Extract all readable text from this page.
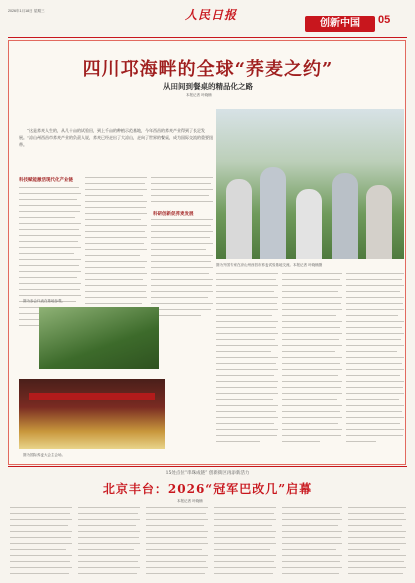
2026年1月18日 星期三	人民日报
创新中国	05
四川邛海畔的全球“荞麦之约”
从田间到餐桌的精品化之路
本报记者 叶晓楠
“这是荞麦人生的，从几十亩的试验田，到上千亩的种植示范基地，今年西昌的荞麦产业得到了长足发展。”凉山州西昌市荞麦产业的负责人说，荞麦已经走出了大凉山，走向了世界的餐桌，成为国际交流的重要纽带。
图为外国专家在凉山州西昌市荞麦试验基地交流。本报记者 叶晓楠摄
科技赋能激活现代化产业链
科研创新促荞麦发展
图为参会代表在基地参观。
图为国际荞麦大会主会场。
15处点位“串珠成链” 创新街区再添新活力
北京丰台：2026“冠军巴改几”启幕
本报记者 叶晓楠
